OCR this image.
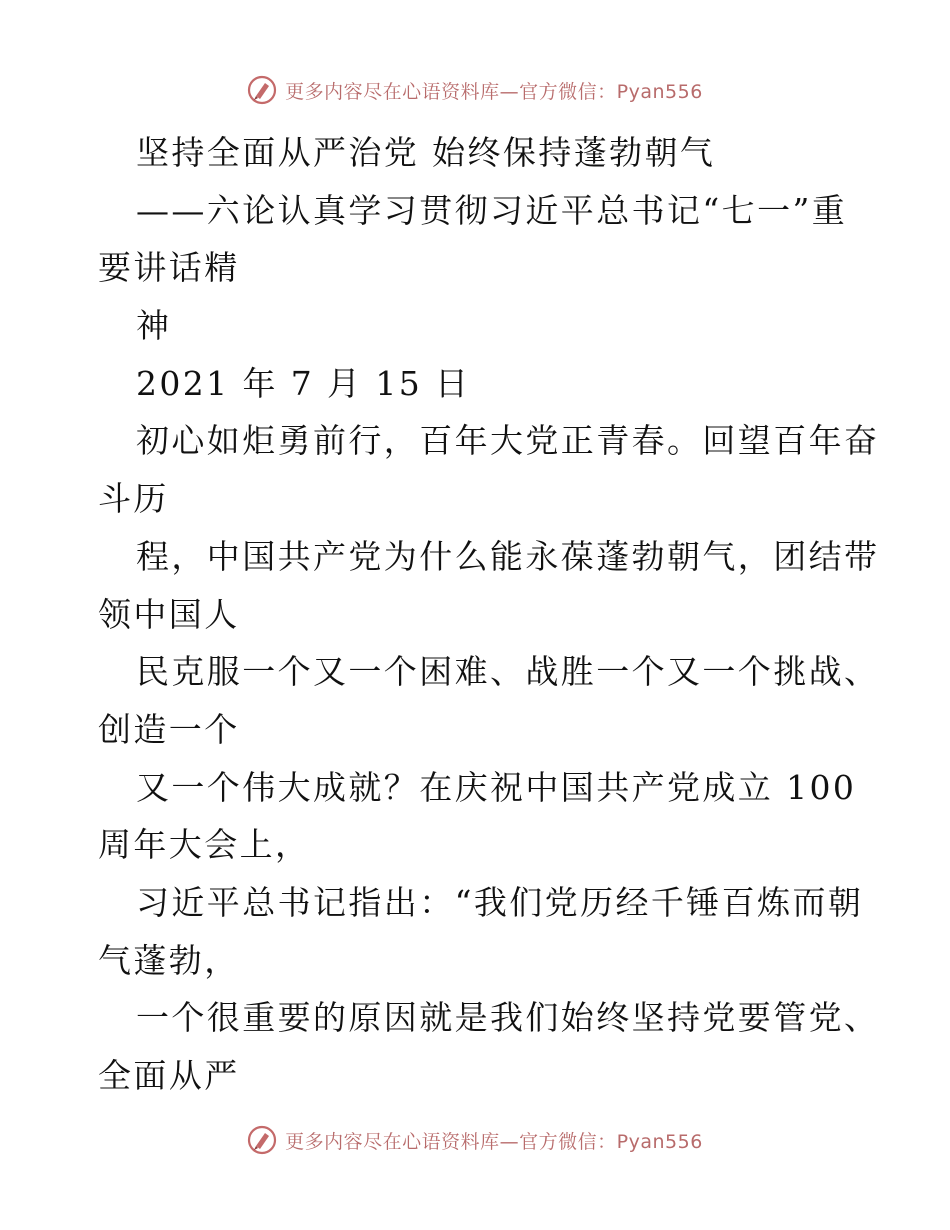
更多内容尽在心语资料库—官方微信：Pyan556
坚持全面从严治党 始终保持蓬勃朝气
——六论认真学习贯彻习近平总书记“七一”重
要讲话精
神
2021 年 7 月 15 日
初心如炬勇前行，百年大党正青春。回望百年奋
斗历
程，中国共产党为什么能永葆蓬勃朝气，团结带
领中国人
民克服一个又一个困难、战胜一个又一个挑战、
创造一个
又一个伟大成就？在庆祝中国共产党成立 100
周年大会上，
习近平总书记指出：“我们党历经千锤百炼而朝
气蓬勃，
一个很重要的原因就是我们始终坚持党要管党、
全面从严
更多内容尽在心语资料库—官方微信：Pyan556
